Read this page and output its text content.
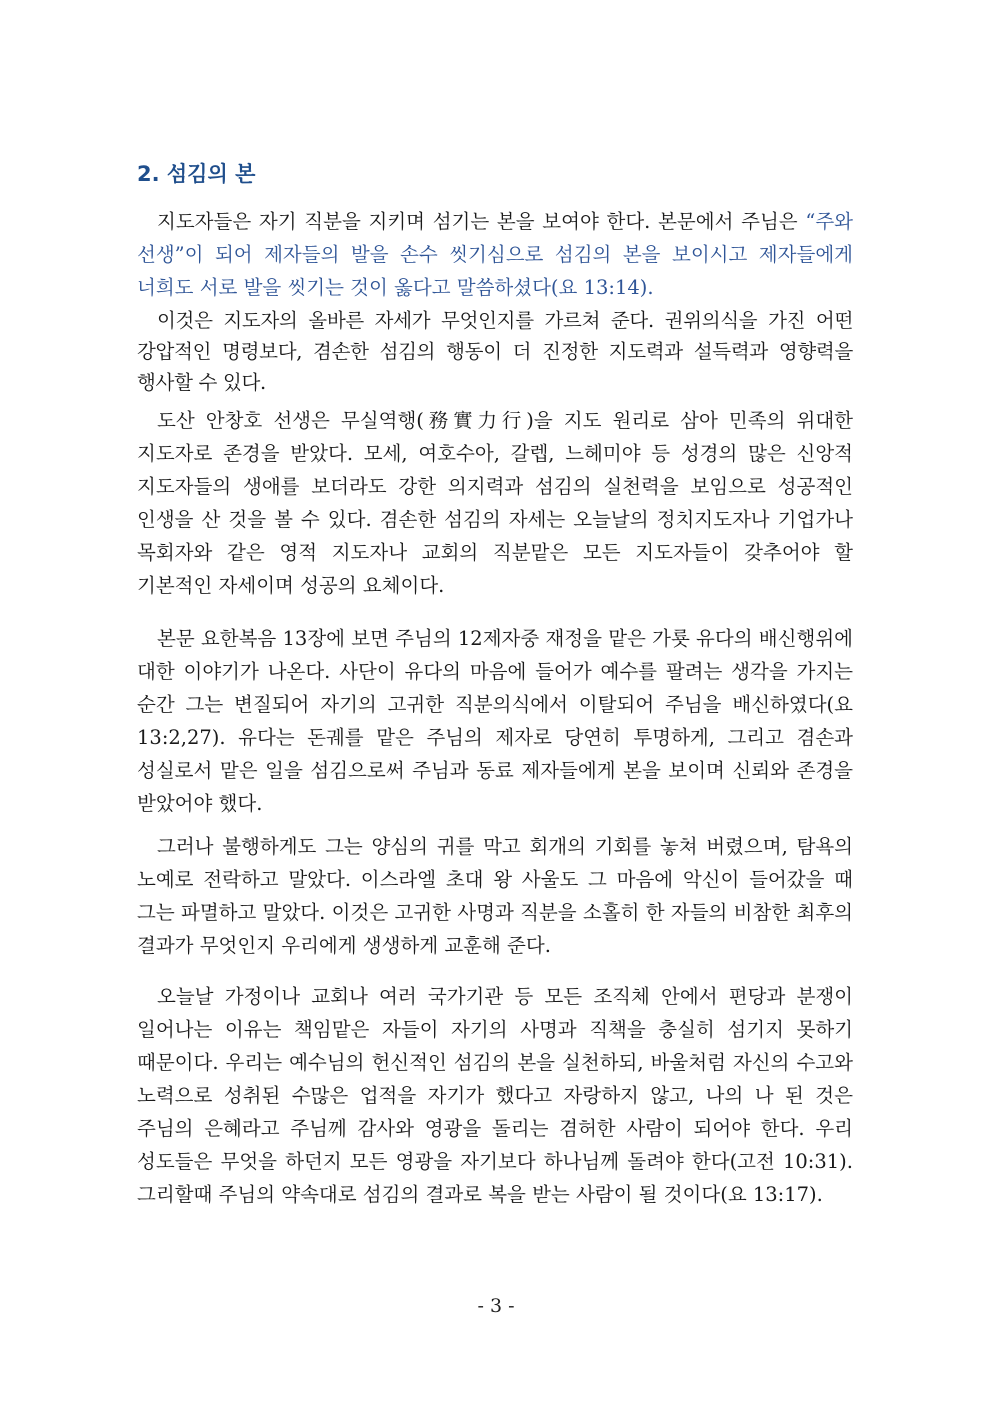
2. 섬김의 본

지도자들은 자기 직분을 지키며 섬기는 본을 보여야 한다. 본문에서 주님은 “주와 선생”이 되어 제자들의 발을 손수 씻기심으로 섬김의 본을 보이시고 제자들에게 너희도 서로 발을 씻기는 것이 옳다고 말씀하셨다(요 13:14).

이것은 지도자의 올바른 자세가 무엇인지를 가르쳐 준다. 권위의식을 가진 어떤 강압적인 명령보다, 겸손한 섬김의 행동이 더 진정한 지도력과 설득력과 영향력을 행사할 수 있다.

도산 안창호 선생은 무실역행(務實力行)을 지도 원리로 삼아 민족의 위대한 지도자로 존경을 받았다. 모세, 여호수아, 갈렙, 느헤미야 등 성경의 많은 신앙적 지도자들의 생애를 보더라도 강한 의지력과 섬김의 실천력을 보임으로 성공적인 인생을 산 것을 볼 수 있다. 겸손한 섬김의 자세는 오늘날의 정치지도자나 기업가나 목회자와 같은 영적 지도자나 교회의 직분맡은 모든 지도자들이 갖추어야 할 기본적인 자세이며 성공의 요체이다.

본문 요한복음 13장에 보면 주님의 12제자중 재정을 맡은 가룟 유다의 배신행위에 대한 이야기가 나온다. 사단이 유다의 마음에 들어가 예수를 팔려는 생각을 가지는 순간 그는 변질되어 자기의 고귀한 직분의식에서 이탈되어 주님을 배신하였다(요 13:2,27). 유다는 돈궤를 맡은 주님의 제자로 당연히 투명하게, 그리고 겸손과 성실로서 맡은 일을 섬김으로써 주님과 동료 제자들에게 본을 보이며 신뢰와 존경을 받았어야 했다.

그러나 불행하게도 그는 양심의 귀를 막고 회개의 기회를 놓쳐 버렸으며, 탐욕의 노예로 전락하고 말았다. 이스라엘 초대 왕 사울도 그 마음에 악신이 들어갔을 때 그는 파멸하고 말았다. 이것은 고귀한 사명과 직분을 소홀히 한 자들의 비참한 최후의 결과가 무엇인지 우리에게 생생하게 교훈해 준다.

오늘날 가정이나 교회나 여러 국가기관 등 모든 조직체 안에서 편당과 분쟁이 일어나는 이유는 책임맡은 자들이 자기의 사명과 직책을 충실히 섬기지 못하기 때문이다. 우리는 예수님의 헌신적인 섬김의 본을 실천하되, 바울처럼 자신의 수고와 노력으로 성취된 수많은 업적을 자기가 했다고 자랑하지 않고, 나의 나 된 것은 주님의 은혜라고 주님께 감사와 영광을 돌리는 겸허한 사람이 되어야 한다. 우리 성도들은 무엇을 하던지 모든 영광을 자기보다 하나님께 돌려야 한다(고전 10:31). 그리할때 주님의 약속대로 섬김의 결과로 복을 받는 사람이 될 것이다(요 13:17).

- 3 -
